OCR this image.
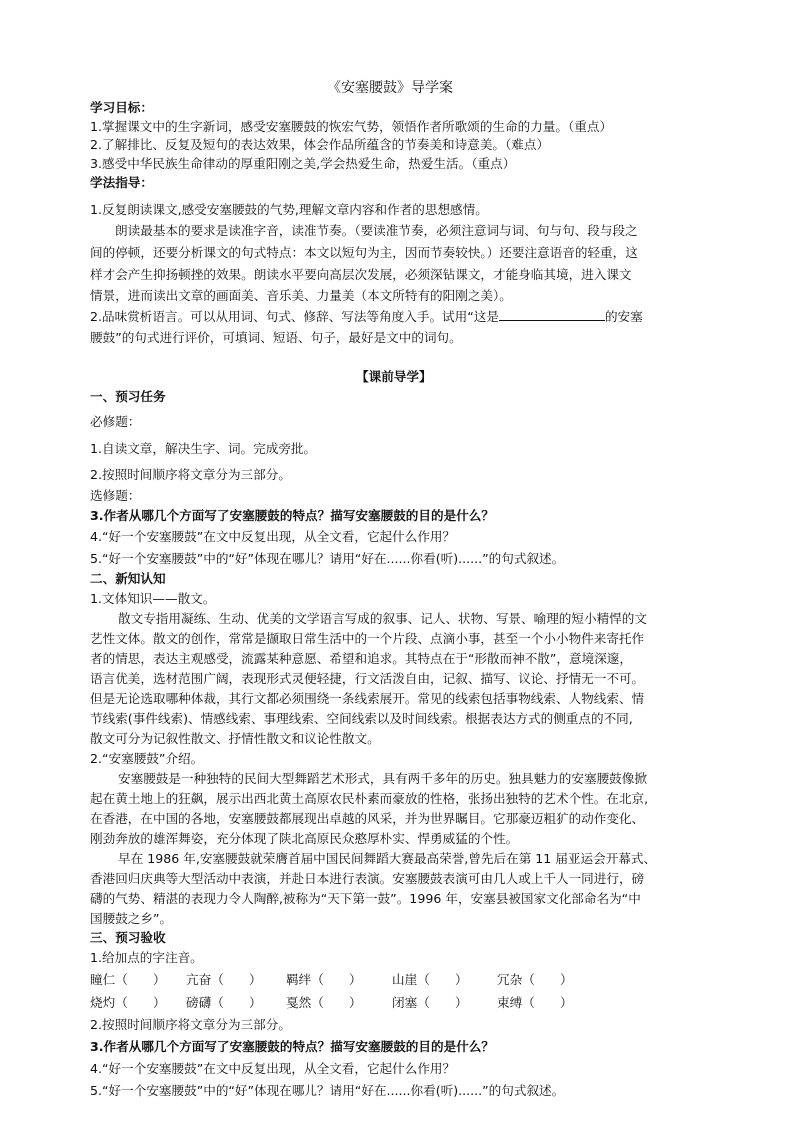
《安塞腰鼓》导学案
学习目标：
1.掌握课文中的生字新词，感受安塞腰鼓的恢宏气势，领悟作者所歌颂的生命的力量。（重点）
2.了解排比、反复及短句的表达效果，体会作品所蕴含的节奏美和诗意美。（难点）
3.感受中华民族生命律动的厚重阳刚之美,学会热爱生命，热爱生活。（重点）
学法指导：
1.反复朗读课文,感受安塞腰鼓的气势,理解文章内容和作者的思想感情。
朗读最基本的要求是读准字音，读准节奏。（要读准节奏，必须注意词与词、句与句、段与段之
间的停顿，还要分析课文的句式特点：本文以短句为主，因而节奏较快。）还要注意语音的轻重，这
样才会产生抑扬顿挫的效果。朗读水平要向高层次发展，必须深钻课文，才能身临其境，进入课文
情景，进而读出文章的画面美、音乐美、力量美（本文所特有的阳刚之美）。
2.品味赏析语言。可以从用词、句式、修辞、写法等角度入手。试用“这是	的安塞
腰鼓”的句式进行评价，可填词、短语、句子，最好是文中的词句。
【课前导学】
一、预习任务
必修题：
1.自读文章，解决生字、词。完成旁批。
2.按照时间顺序将文章分为三部分。
选修题：
3.作者从哪几个方面写了安塞腰鼓的特点？描写安塞腰鼓的目的是什么？
4.“好一个安塞腰鼓”在文中反复出现，从全文看，它起什么作用？
5.“好一个安塞腰鼓”中的“好”体现在哪儿？请用“好在......你看(听)......”的句式叙述。
二、新知认知
1.文体知识——散文。
散文专指用凝练、生动、优美的文学语言写成的叙事、记人、状物、写景、喻理的短小精悍的文
艺性文体。散文的创作，常常是撷取日常生活中的一个片段、点滴小事，甚至一个小小物件来寄托作
者的情思，表达主观感受，流露某种意愿、希望和追求。其特点在于“形散而神不散”，意境深邃，
语言优美，选材范围广阔，表现形式灵便轻捷，行文活泼自由，记叙、描写、议论、抒情无一不可。
但是无论选取哪种体裁，其行文都必须围绕一条线索展开。常见的线索包括事物线索、人物线索、情
节线索(事件线索)、情感线索、事理线索、空间线索以及时间线索。根据表达方式的侧重点的不同,
散文可分为记叙性散文、抒情性散文和议论性散文。
2.“安塞腰鼓”介绍。
安塞腰鼓是一种独特的民间大型舞蹈艺术形式，具有两千多年的历史。独具魅力的安塞腰鼓像掀
起在黄土地上的狂飙，展示出西北黄土高原农民朴素而豪放的性格，张扬出独特的艺术个性。在北京,
在香港，在中国的各地，安塞腰鼓都展现出卓越的风采，并为世界瞩目。它那豪迈粗犷的动作变化、
刚劲奔放的雄浑舞姿，充分体现了陕北高原民众憨厚朴实、悍勇威猛的个性。
早在 1986 年,安塞腰鼓就荣膺首届中国民间舞蹈大赛最高荣誉,曾先后在第 11 届亚运会开幕式、
香港回归庆典等大型活动中表演，并赴日本进行表演。安塞腰鼓表演可由几人或上千人一同进行，磅
礴的气势、精湛的表现力令人陶醉,被称为“天下第一鼓”。1996 年，安塞县被国家文化部命名为“中
国腰鼓之乡”。
三、预习验收
1.给加点的字注音。
瞳仁（　　） 亢奋（　　） 羁绊（　　） 山崖（　　） 冗杂（　　）
烧灼（　　） 磅礴（　　） 戛然（　　） 闭塞（　　） 束缚（　　）
2.按照时间顺序将文章分为三部分。
3.作者从哪几个方面写了安塞腰鼓的特点？描写安塞腰鼓的目的是什么？
4.“好一个安塞腰鼓”在文中反复出现，从全文看，它起什么作用？
5.“好一个安塞腰鼓”中的“好”体现在哪儿？请用“好在......你看(听)......”的句式叙述。
